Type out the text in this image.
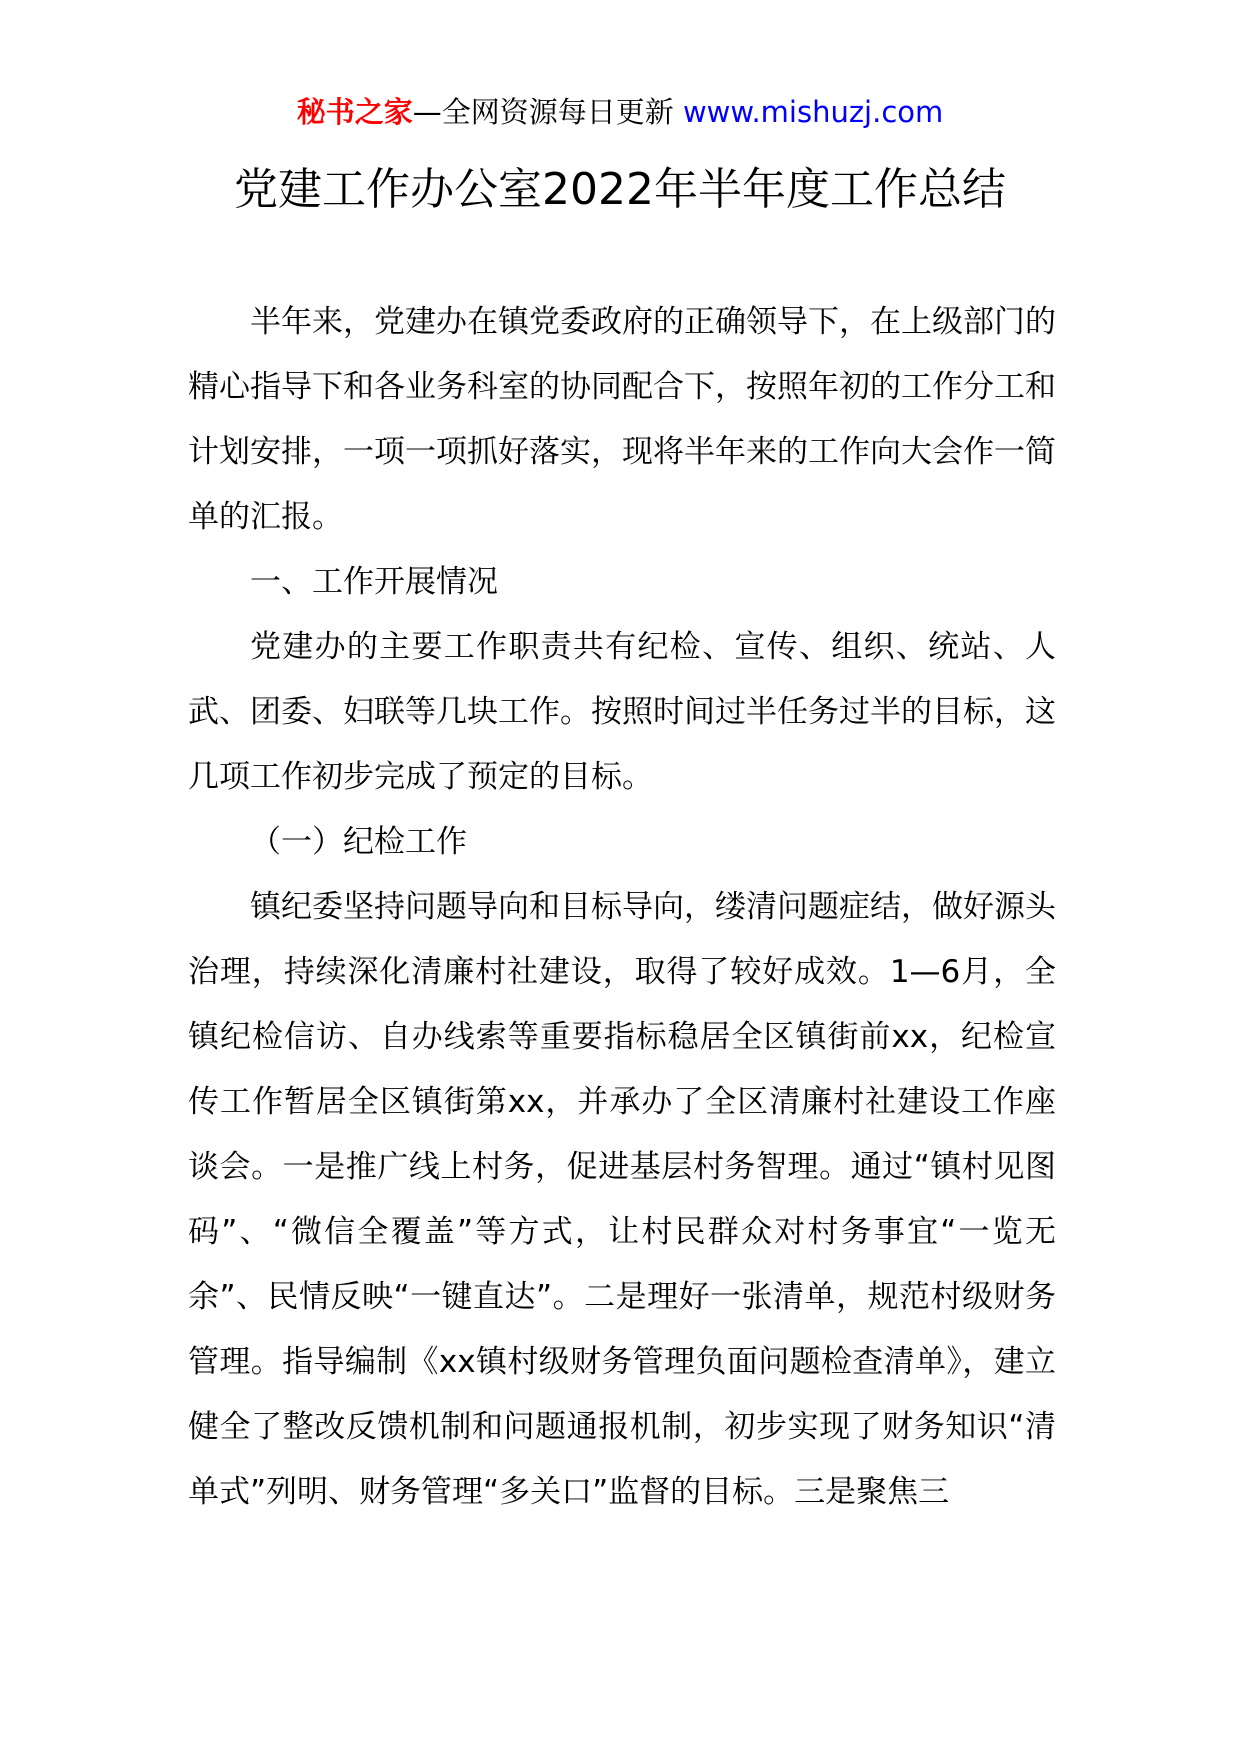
秘书之家—全网资源每日更新 www.mishuzj.com
党建工作办公室2022年半年度工作总结

半年来，党建办在镇党委政府的正确领导下，在上级部门的精心指导下和各业务科室的协同配合下，按照年初的工作分工和计划安排，一项一项抓好落实，现将半年来的工作向大会作一简单的汇报。

一、工作开展情况

党建办的主要工作职责共有纪检、宣传、组织、统站、人武、团委、妇联等几块工作。按照时间过半任务过半的目标，这几项工作初步完成了预定的目标。

（一）纪检工作

镇纪委坚持问题导向和目标导向，缕清问题症结，做好源头治理，持续深化清廉村社建设，取得了较好成效。1—6月，全镇纪检信访、自办线索等重要指标稳居全区镇街前xx，纪检宣传工作暂居全区镇街第xx，并承办了全区清廉村社建设工作座谈会。一是推广线上村务，促进基层村务智理。通过“镇村见图码”、“微信全覆盖”等方式，让村民群众对村务事宜“一览无余”、民情反映“一键直达”。二是理好一张清单，规范村级财务管理。指导编制《xx镇村级财务管理负面问题检查清单》，建立健全了整改反馈机制和问题通报机制，初步实现了财务知识“清单式”列明、财务管理“多关口”监督的目标。三是聚焦三
